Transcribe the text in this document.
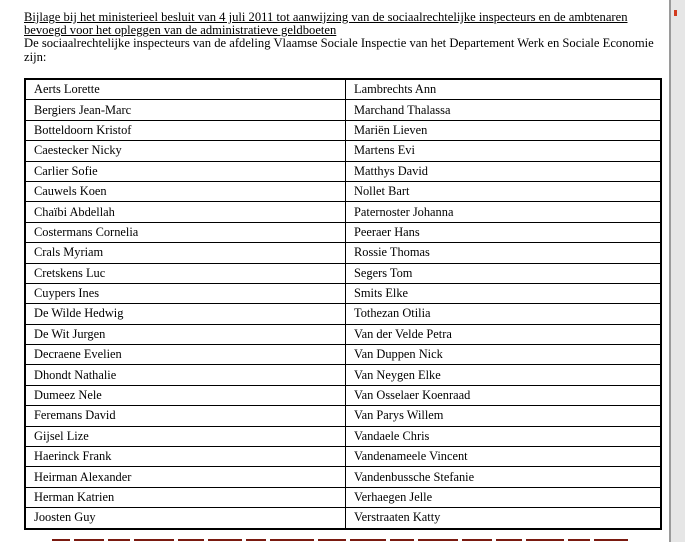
Bijlage bij het ministerieel besluit van 4 juli 2011 tot aanwijzing van de sociaalrechtelijke inspecteurs en de ambtenaren
bevoegd voor het opleggen van de administratieve geldboeten
De sociaalrechtelijke inspecteurs van de afdeling Vlaamse Sociale Inspectie van het Departement Werk en Sociale Economie zijn:
Aerts Lorette	Lambrechts Ann
Bergiers Jean-Marc	Marchand Thalassa
Botteldoorn Kristof	Mariën Lieven
Caestecker Nicky	Martens Evi
Carlier Sofie	Matthys David
Cauwels Koen	Nollet Bart
Chaïbi Abdellah	Paternoster Johanna
Costermans Cornelia	Peeraer Hans
Crals Myriam	Rossie Thomas
Cretskens Luc	Segers Tom
Cuypers Ines	Smits Elke
De Wilde Hedwig	Tothezan Otilia
De Wit Jurgen	Van der Velde Petra
Decraene Evelien	Van Duppen Nick
Dhondt Nathalie	Van Neygen Elke
Dumeez Nele	Van Osselaer Koenraad
Feremans David	Van Parys Willem
Gijsel Lize	Vandaele Chris
Haerinck Frank	Vandenameele Vincent
Heirman Alexander	Vandenbussche Stefanie
Herman Katrien	Verhaegen Jelle
Joosten Guy	Verstraaten Katty
